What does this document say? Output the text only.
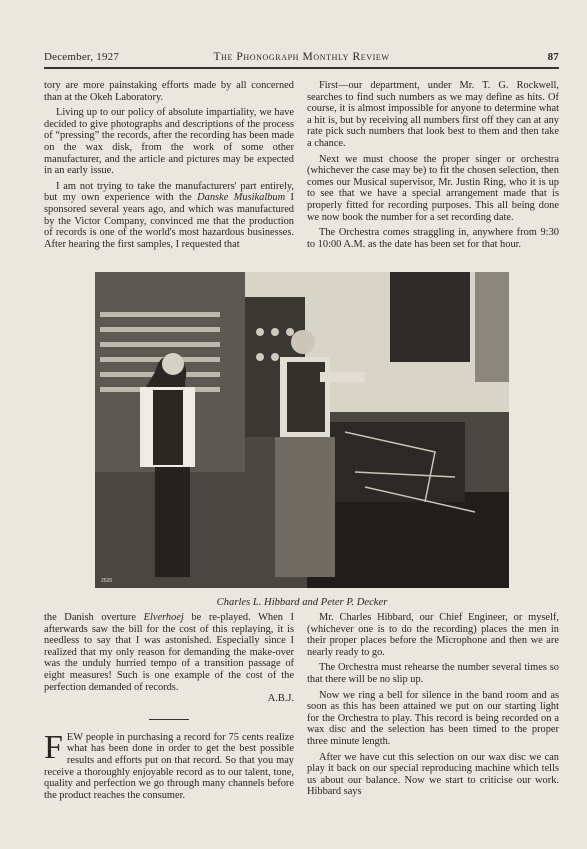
December, 1927	The Phonograph Monthly Review	87

tory are more painstaking efforts made by all concerned than at the Okeh Laboratory.

Living up to our policy of absolute impartiality, we have decided to give photographs and descriptions of the process of “pressing” the records, after the recording has been made on the wax disk, from the work of some other manufacturer, and the article and pictures may be expected in an early issue.

I am not trying to take the manufacturers' part entirely, but my own experience with the Danske Musikalbum I sponsored several years ago, and which was manufactured by the Victor Company, convinced me that the production of records is one of the world's most hazardous businesses. After hearing the first samples, I requested that

First—our department, under Mr. T. G. Rockwell, searches to find such numbers as we may define as hits. Of course, it is almost impossible for anyone to determine what a hit is, but by receiving all numbers first off they can at any rate pick such numbers that look best to them and then take a chance.

Next we must choose the proper singer or orchestra (whichever the case may be) to fit the chosen selection, then comes our Musical supervisor, Mr. Justin Ring, who it is up to see that we have a special arrangement made that is properly fitted for recording purposes. This all being done we now book the number for a set recording date.

The Orchestra comes straggling in, anywhere from 9:30 to 10:00 A.M. as the date has been set for that hour.

2520
Charles L. Hibbard and Peter P. Decker

the Danish overture Elverhoej be re-played. When I afterwards saw the bill for the cost of this replaying, it is needless to say that I was astonished. Especially since I realized that my only reason for demanding the make-over was the unduly hurried tempo of a transition passage of eight measures! Such is one example of the cost of the perfection demanded of records.

A.B.J.

FEW people in purchasing a record for 75 cents realize what has been done in order to get the best possible results and efforts put on that record. So that you may receive a thoroughly enjoyable record as to our talent, tone, quality and perfection we go through many channels before the product reaches the consumer.

Mr. Charles Hibbard, our Chief Engineer, or myself, (whichever one is to do the recording) places the men in their proper places before the Microphone and then we are nearly ready to go.

The Orchestra must rehearse the number several times so that there will be no slip up.

Now we ring a bell for silence in the band room and as soon as this has been attained we put on our starting light for the Orchestra to play. This record is being recorded on a wax disc and the selection has been timed to the proper three minute length.

After we have cut this selection on our wax disc we can play it back on our special reproducing machine which tells us about our balance. Now we start to criticise our work. Hibbard says
